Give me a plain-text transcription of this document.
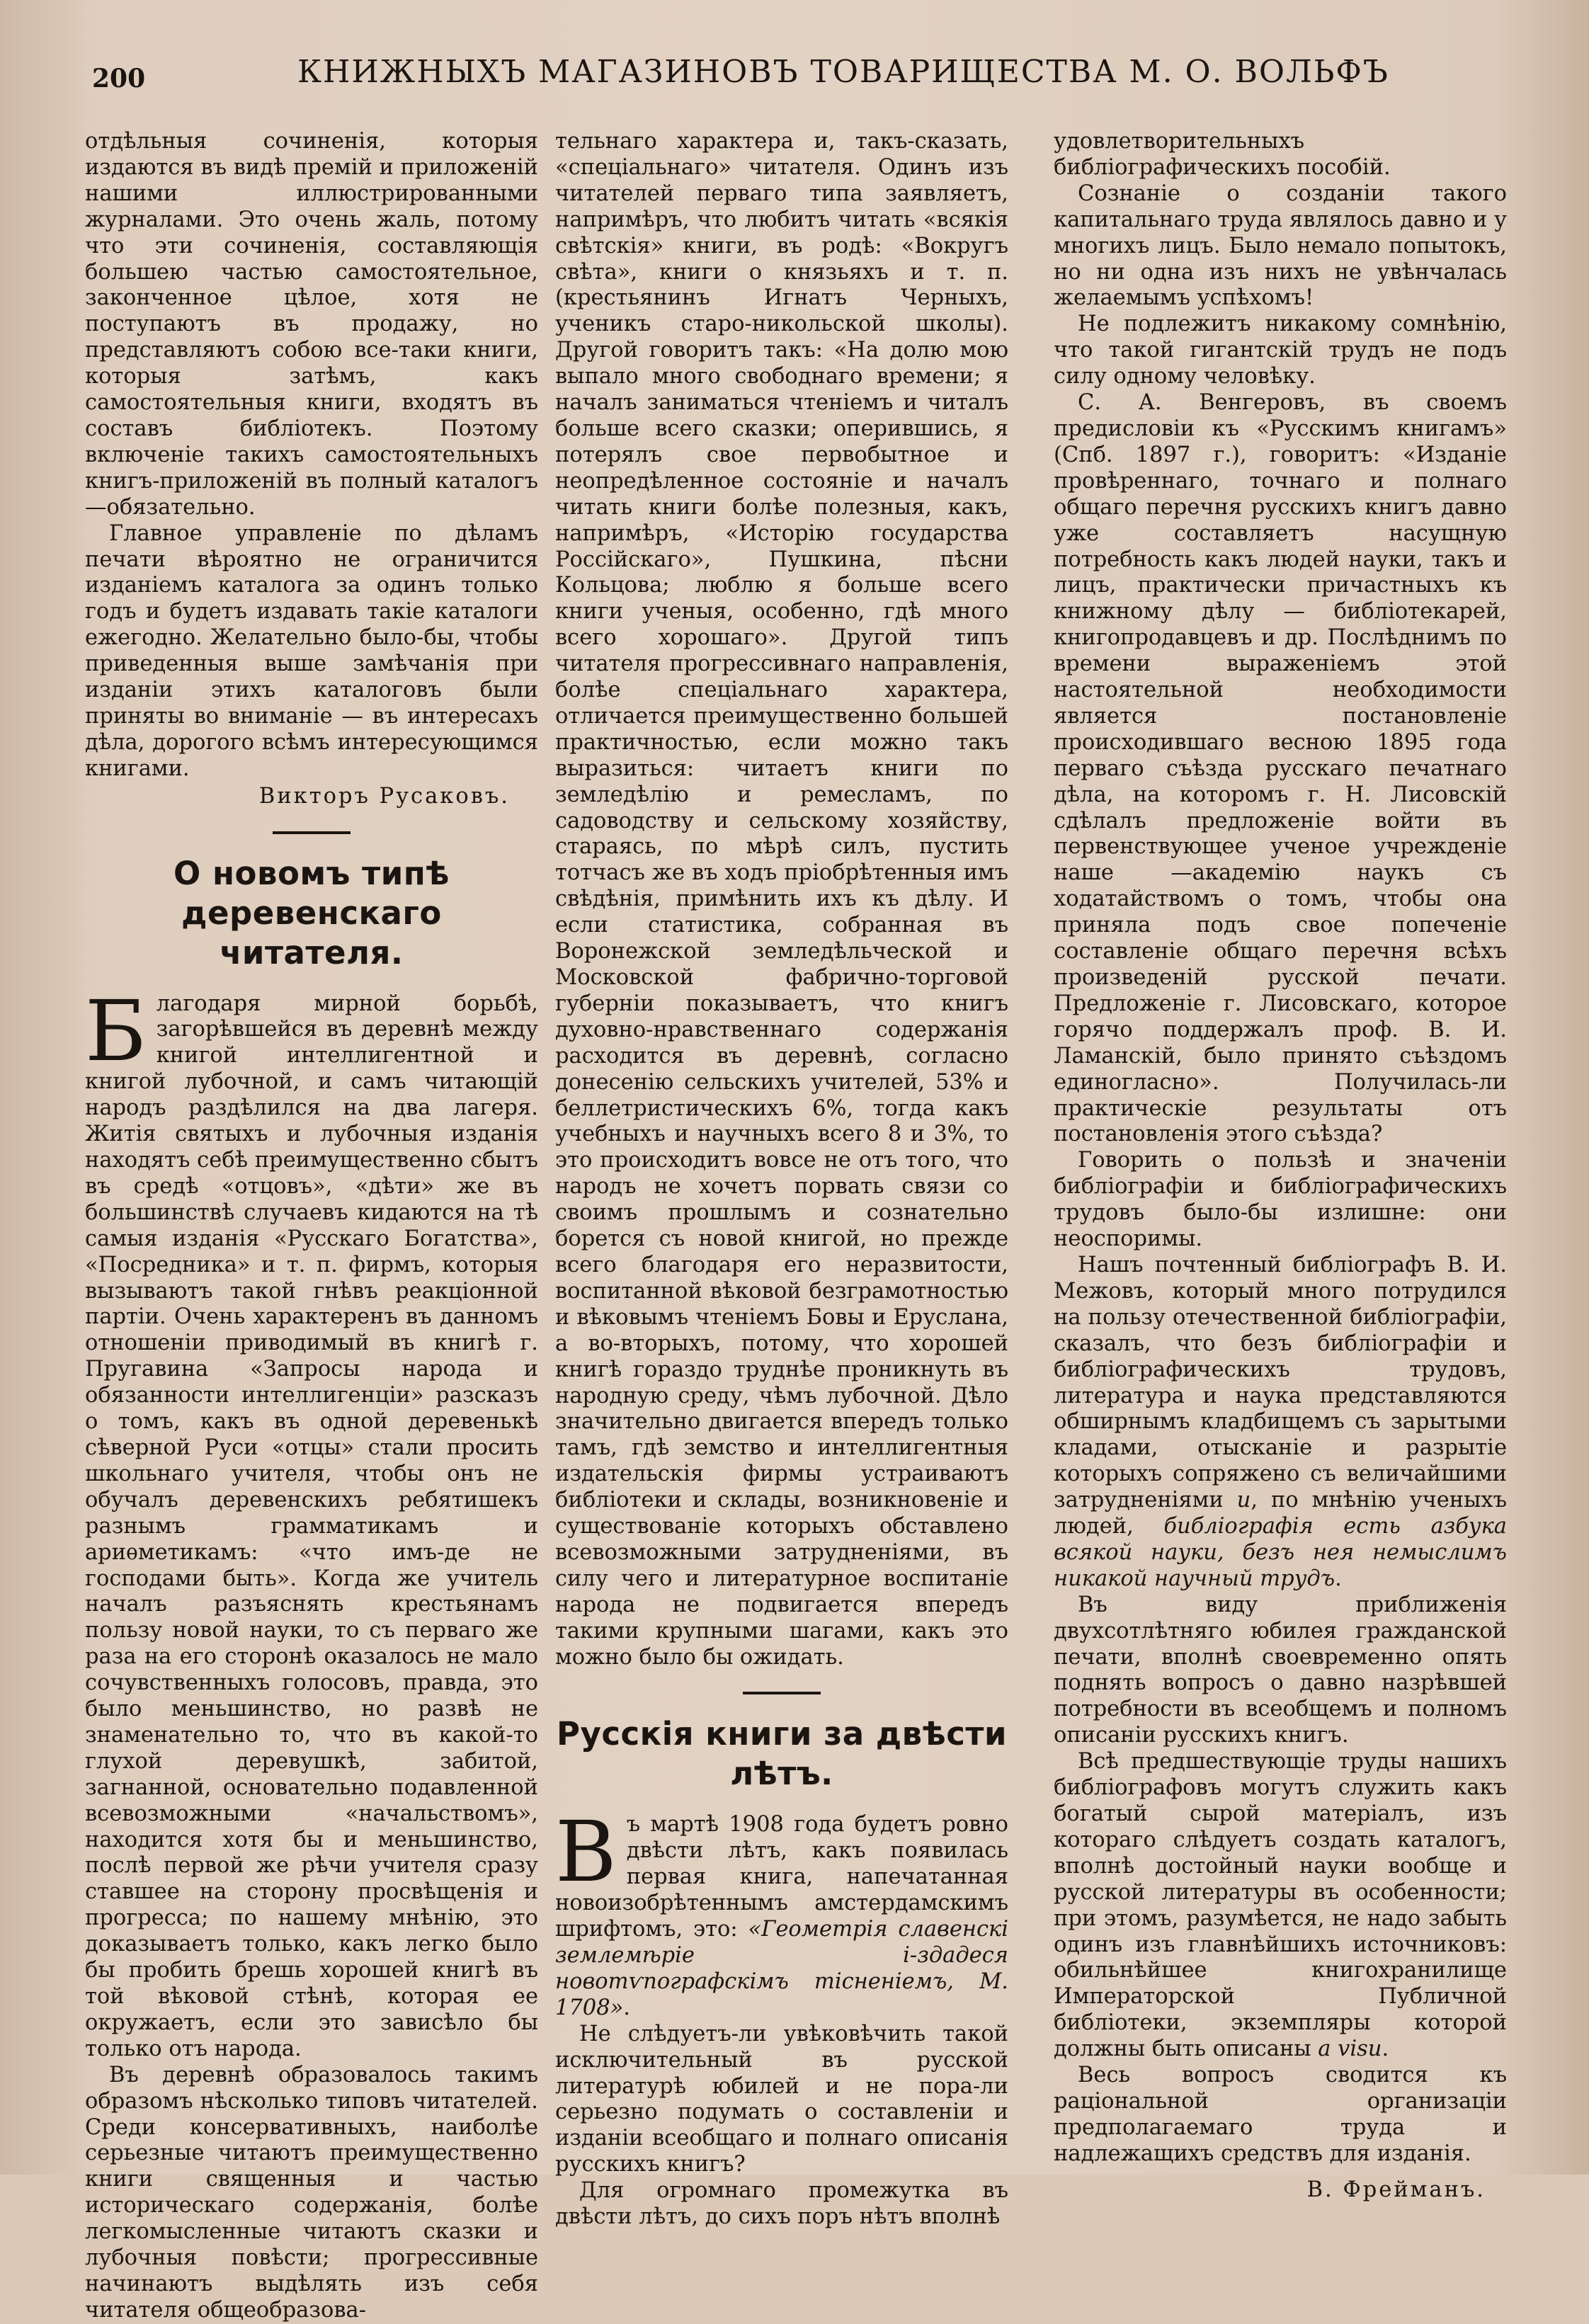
200	КНИЖНЫХЪ МАГАЗИНОВЪ ТОВАРИЩЕСТВА М. О. ВОЛЬФЪ

отдѣльныя сочиненія, которыя издаются въ видѣ премій и приложеній нашими иллюстрированными журналами. Это очень жаль, потому что эти сочиненія, составляющія большею частью самостоятельное, законченное цѣлое, хотя не поступаютъ въ продажу, но представляютъ собою все-таки книги, которыя затѣмъ, какъ самостоятельныя книги, входятъ въ составъ библіотекъ. Поэтому включеніе такихъ самостоятельныхъ книгъ-приложеній въ полный каталогъ—обязательно.

Главное управленіе по дѣламъ печати вѣроятно не ограничится изданіемъ каталога за одинъ только годъ и будетъ издавать такіе каталоги ежегодно. Желательно было-бы, чтобы приведенныя выше замѣчанія при изданіи этихъ каталоговъ были приняты во вниманіе — въ интересахъ дѣла, дорогого всѣмъ интересующимся книгами.

Викторъ Русаковъ.
О новомъ типѣ деревенскаго читателя.

Благодаря мирной борьбѣ, загорѣвшейся въ деревнѣ между книгой интеллигентной и книгой лубочной, и самъ читающій народъ раздѣлился на два лагеря. Житія святыхъ и лубочныя изданія находятъ себѣ преимущественно сбытъ въ средѣ «отцовъ», «дѣти» же въ большинствѣ случаевъ кидаются на тѣ самыя изданія «Русскаго Богатства», «Посредника» и т. п. фирмъ, которыя вызываютъ такой гнѣвъ реакціонной партіи. Очень характеренъ въ данномъ отношеніи приводимый въ книгѣ г. Пругавина «Запросы народа и обязанности интеллигенціи» разсказъ о томъ, какъ въ одной деревенькѣ сѣверной Руси «отцы» стали просить школьнаго учителя, чтобы онъ не обучалъ деревенскихъ ребятишекъ разнымъ грамматикамъ и ариѳметикамъ: «что имъ-де не господами быть». Когда же учитель началъ разъяснять крестьянамъ пользу новой науки, то съ перваго же раза на его сторонѣ оказалось не мало сочувственныхъ голосовъ, правда, это было меньшинство, но развѣ не знаменательно то, что въ какой-то глухой деревушкѣ, забитой, загнанной, основательно подавленной всевозможными «начальствомъ», находится хотя бы и меньшинство, послѣ первой же рѣчи учителя сразу ставшее на сторону просвѣщенія и прогресса; по нашему мнѣнію, это доказываетъ только, какъ легко было бы пробить брешь хорошей книгѣ въ той вѣковой стѣнѣ, которая ее окружаетъ, если это зависѣло бы только отъ народа.

Въ деревнѣ образовалось такимъ образомъ нѣсколько типовъ читателей. Среди консервативныхъ, наиболѣе серьезные читаютъ преимущественно книги священныя и частью историческаго содержанія, болѣе легкомысленные читаютъ сказки и лубочныя повѣсти; прогрессивные начинаютъ выдѣлять изъ себя читателя общеобразова-

тельнаго характера и, такъ-сказать, «спеціальнаго» читателя. Одинъ изъ читателей перваго типа заявляетъ, напримѣръ, что любитъ читать «всякія свѣтскія» книги, въ родѣ: «Вокругъ свѣта», книги о князьяхъ и т. п. (крестьянинъ Игнатъ Черныхъ, ученикъ старо-никольской школы). Другой говоритъ такъ: «На долю мою выпало много свободнаго времени; я началъ заниматься чтеніемъ и читалъ больше всего сказки; оперившись, я потерялъ свое первобытное и неопредѣленное состояніе и началъ читать книги болѣе полезныя, какъ, напримѣръ, «Исторію государства Россійскаго», Пушкина, пѣсни Кольцова; люблю я больше всего книги ученыя, особенно, гдѣ много всего хорошаго». Другой типъ читателя прогрессивнаго направленія, болѣе спеціальнаго характера, отличается преимущественно большей практичностью, если можно такъ выразиться: читаетъ книги по земледѣлію и ремесламъ, по садоводству и сельскому хозяйству, стараясь, по мѣрѣ силъ, пустить тотчасъ же въ ходъ пріобрѣтенныя имъ свѣдѣнія, примѣнить ихъ къ дѣлу. И если статистика, собранная въ Воронежской земледѣльческой и Московской фабрично-торговой губерніи показываетъ, что книгъ духовно-нравственнаго содержанія расходится въ деревнѣ, согласно донесенію сельскихъ учителей, 53% и беллетристическихъ 6%, тогда какъ учебныхъ и научныхъ всего 8 и 3%, то это происходитъ вовсе не отъ того, что народъ не хочетъ порвать связи со своимъ прошлымъ и сознательно борется съ новой книгой, но прежде всего благодаря его неразвитости, воспитанной вѣковой безграмотностью и вѣковымъ чтеніемъ Бовы и Еруслана, а во-вторыхъ, потому, что хорошей книгѣ гораздо труднѣе проникнуть въ народную среду, чѣмъ лубочной. Дѣло значительно двигается впередъ только тамъ, гдѣ земство и интеллигентныя издательскія фирмы устраиваютъ библіотеки и склады, возникновеніе и существованіе которыхъ обставлено всевозможными затрудненіями, въ силу чего и литературное воспитаніе народа не подвигается впередъ такими крупными шагами, какъ это можно было бы ожидать.

Русскія книги за двѣсти лѣтъ.

Въ мартѣ 1908 года будетъ ровно двѣсти лѣтъ, какъ появилась первая книга, напечатанная новоизобрѣтеннымъ амстердамскимъ шрифтомъ, это: «Геометрія славенскі землемѣріе і-здадеся новотѵпографскімъ тісненіемъ, М. 1708».

Не слѣдуетъ-ли увѣковѣчить такой исключительный въ русской литературѣ юбилей и не пора-ли серьезно подумать о составленіи и изданіи всеобщаго и полнаго описанія русскихъ книгъ?

Для огромнаго промежутка въ двѣсти лѣтъ, до сихъ поръ нѣтъ вполнѣ

удовлетворительныхъ библіографическихъ пособій.

Сознаніе о созданіи такого капитальнаго труда являлось давно и у многихъ лицъ. Было немало попытокъ, но ни одна изъ нихъ не увѣнчалась желаемымъ успѣхомъ!

Не подлежитъ никакому сомнѣнію, что такой гигантскій трудъ не подъ силу одному человѣку.

С. А. Венгеровъ, въ своемъ предисловіи къ «Русскимъ книгамъ» (Спб. 1897 г.), говоритъ: «Изданіе провѣреннаго, точнаго и полнаго общаго перечня русскихъ книгъ давно уже составляетъ насущную потребность какъ людей науки, такъ и лицъ, практически причастныхъ къ книжному дѣлу — библіотекарей, книгопродавцевъ и др. Послѣднимъ по времени выраженіемъ этой настоятельной необходимости является постановленіе происходившаго весною 1895 года перваго съѣзда русскаго печатнаго дѣла, на которомъ г. Н. Лисовскій сдѣлалъ предложеніе войти въ первенствующее ученое учрежденіе наше —академію наукъ съ ходатайствомъ о томъ, чтобы она приняла подъ свое попеченіе составленіе общаго перечня всѣхъ произведеній русской печати. Предложеніе г. Лисовскаго, которое горячо поддержалъ проф. В. И. Ламанскій, было принято съѣздомъ единогласно». Получилась-ли практическіе результаты отъ постановленія этого съѣзда?

Говорить о пользѣ и значеніи библіографіи и библіографическихъ трудовъ было-бы излишне: они неоспоримы.

Нашъ почтенный библіографъ В. И. Межовъ, который много потрудился на пользу отечественной библіографіи, сказалъ, что безъ библіографіи и библіографическихъ трудовъ, литература и наука представляются обширнымъ кладбищемъ съ зарытыми кладами, отысканіе и разрытіе которыхъ сопряжено съ величайшими затрудненіями и, по мнѣнію ученыхъ людей, библіографія есть азбука всякой науки, безъ нея немыслимъ никакой научный трудъ.

Въ виду приближенія двухсотлѣтняго юбилея гражданской печати, вполнѣ своевременно опять поднять вопросъ о давно назрѣвшей потребности въ всеобщемъ и полномъ описаніи русскихъ книгъ.

Всѣ предшествующіе труды нашихъ библіографовъ могутъ служить какъ богатый сырой матеріалъ, изъ котораго слѣдуетъ создать каталогъ, вполнѣ достойный науки вообще и русской литературы въ особенности; при этомъ, разумѣется, не надо забыть одинъ изъ главнѣйшихъ источниковъ: обильнѣйшее книгохранилище Императорской Публичной библіотеки, экземпляры которой должны быть описаны а visu.

Весь вопросъ сводится къ раціональной организаціи предполагаемаго труда и надлежащихъ средствъ для изданія.

В. Фрейманъ.
